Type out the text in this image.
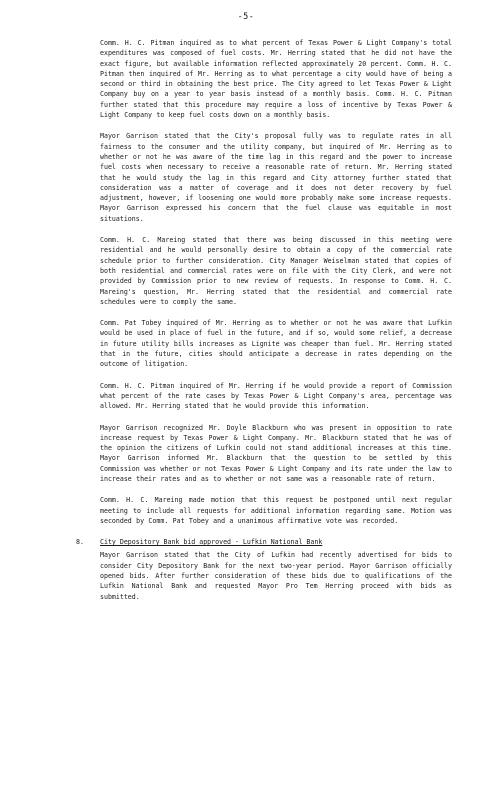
-5-

Comm. H. C. Pitman inquired as to what percent of Texas Power & Light Company's total expenditures was composed of fuel costs. Mr. Herring stated that he did not have the exact figure, but available information reflected approximately 20 percent. Comm. H. C. Pitman then inquired of Mr. Herring as to what percentage a city would have of being a second or third in obtaining the best price. The City agreed to let Texas Power & Light Company buy on a year to year basis instead of a monthly basis. Comm. H. C. Pitman further stated that this procedure may require a loss of incentive by Texas Power & Light Company to keep fuel costs down on a monthly basis.

Mayor Garrison stated that the City's proposal fully was to regulate rates in all fairness to the consumer and the utility company, but inquired of Mr. Herring as to whether or not he was aware of the time lag in this regard and the power to increase fuel costs when necessary to receive a reasonable rate of return. Mr. Herring stated that he would study the lag in this regard and City attorney further stated that consideration was a matter of coverage and it does not deter recovery by fuel adjustment, however, if loosening one would more probably make some increase requests. Mayor Garrison expressed his concern that the fuel clause was equitable in most situations.

Comm. H. C. Mareing stated that there was being discussed in this meeting were residential and he would personally desire to obtain a copy of the commercial rate schedule prior to further consideration. City Manager Weiselman stated that copies of both residential and commercial rates were on file with the City Clerk, and were not provided by Commission prior to new review of requests. In response to Comm. H. C. Mareing's question, Mr. Herring stated that the residential and commercial rate schedules were to comply the same.

Comm. Pat Tobey inquired of Mr. Herring as to whether or not he was aware that Lufkin would be used in place of fuel in the future, and if so, would some relief, a decrease in future utility bills increases as Lignite was cheaper than fuel. Mr. Herring stated that in the future, cities should anticipate a decrease in rates depending on the outcome of litigation.

Comm. H. C. Pitman inquired of Mr. Herring if he would provide a report of Commission what percent of the rate cases by Texas Power & Light Company's area, percentage was allowed. Mr. Herring stated that he would provide this information.

Mayor Garrison recognized Mr. Doyle Blackburn who was present in opposition to rate increase request by Texas Power & Light Company. Mr. Blackburn stated that he was of the opinion the citizens of Lufkin could not stand additional increases at this time. Mayor Garrison informed Mr. Blackburn that the question to be settled by this Commission was whether or not Texas Power & Light Company and its rate under the law to increase their rates and as to whether or not same was a reasonable rate of return.

Comm. H. C. Mareing made motion that this request be postponed until next regular meeting to include all requests for additional information regarding same. Motion was seconded by Comm. Pat Tobey and a unanimous affirmative vote was recorded.

8. City Depository Bank bid approved - Lufkin National Bank

Mayor Garrison stated that the City of Lufkin had recently advertised for bids to consider City Depository Bank for the next two-year period. Mayor Garrison officially opened bids. After further consideration of these bids due to qualifications of the Lufkin National Bank and requested Mayor Pro Tem Herring proceed with bids as submitted.
